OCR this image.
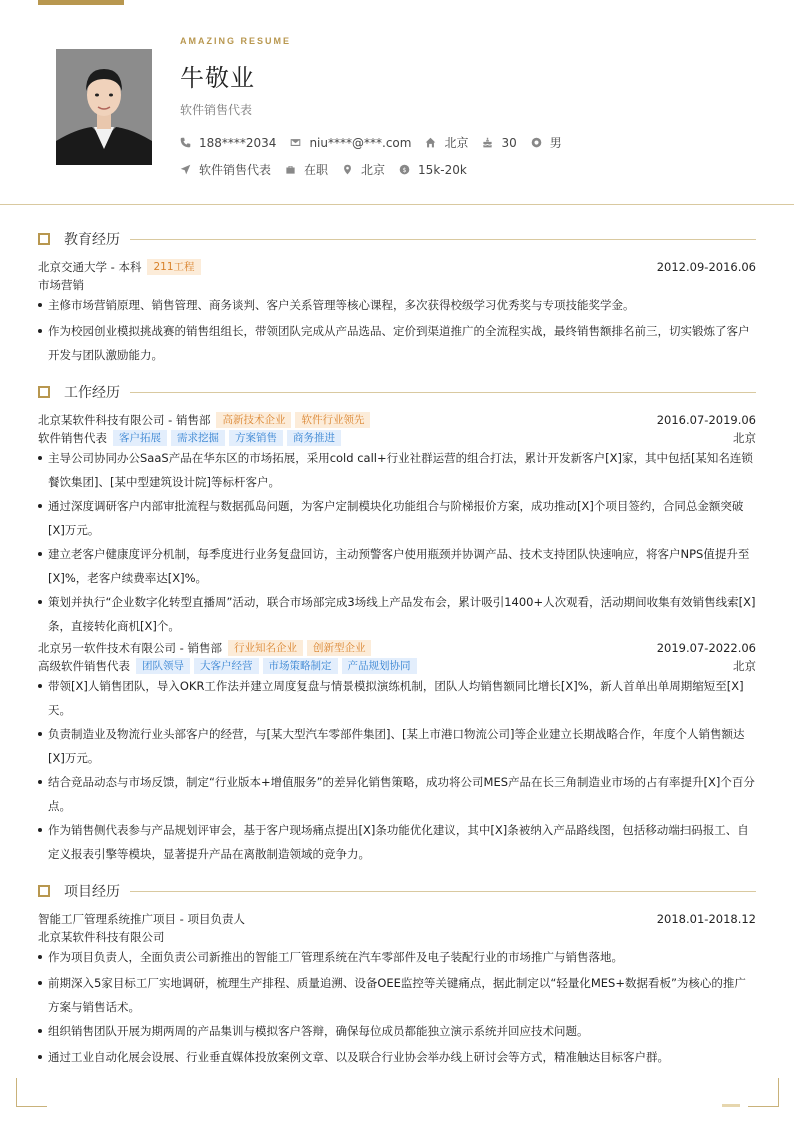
AMAZING RESUME
牛敬业
软件销售代表
188****2034	niu****@***.com	北京	30	男
软件销售代表	在职	北京 $ 15k-20k
教育经历
北京交通大学 - 本科	211工程	2012.09-2016.06
市场营销
主修市场营销原理、销售管理、商务谈判、客户关系管理等核心课程，多次获得校级学习优秀奖与专项技能奖学金。
作为校园创业模拟挑战赛的销售组组长，带领团队完成从产品选品、定价到渠道推广的全流程实战，最终销售额排名前三，切实锻炼了客户开发与团队激励能力。
工作经历
北京某软件科技有限公司 - 销售部	高新技术企业	软件行业领先	2016.07-2019.06
软件销售代表	客户拓展	需求挖掘	方案销售	商务推进	北京
主导公司协同办公SaaS产品在华东区的市场拓展，采用cold call+行业社群运营的组合打法，累计开发新客户[X]家，其中包括[某知名连锁餐饮集团]、[某中型建筑设计院]等标杆客户。
通过深度调研客户内部审批流程与数据孤岛问题，为客户定制模块化功能组合与阶梯报价方案，成功推动[X]个项目签约，合同总金额突破[X]万元。
建立老客户健康度评分机制，每季度进行业务复盘回访，主动预警客户使用瓶颈并协调产品、技术支持团队快速响应，将客户NPS值提升至[X]%，老客户续费率达[X]%。
策划并执行“企业数字化转型直播周”活动，联合市场部完成3场线上产品发布会，累计吸引1400+人次观看，活动期间收集有效销售线索[X]条，直接转化商机[X]个。
北京另一软件技术有限公司 - 销售部	行业知名企业	创新型企业	2019.07-2022.06
高级软件销售代表	团队领导	大客户经营	市场策略制定	产品规划协同	北京
带领[X]人销售团队，导入OKR工作法并建立周度复盘与情景模拟演练机制，团队人均销售额同比增长[X]%，新人首单出单周期缩短至[X]天。
负责制造业及物流行业头部客户的经营，与[某大型汽车零部件集团]、[某上市港口物流公司]等企业建立长期战略合作，年度个人销售额达[X]万元。
结合竞品动态与市场反馈，制定“行业版本+增值服务”的差异化销售策略，成功将公司MES产品在长三角制造业市场的占有率提升[X]个百分点。
作为销售侧代表参与产品规划评审会，基于客户现场痛点提出[X]条功能优化建议，其中[X]条被纳入产品路线图，包括移动端扫码报工、自定义报表引擎等模块，显著提升产品在离散制造领域的竞争力。
项目经历
智能工厂管理系统推广项目 - 项目负责人	2018.01-2018.12
北京某软件科技有限公司
作为项目负责人，全面负责公司新推出的智能工厂管理系统在汽车零部件及电子装配行业的市场推广与销售落地。
前期深入5家目标工厂实地调研，梳理生产排程、质量追溯、设备OEE监控等关键痛点，据此制定以“轻量化MES+数据看板”为核心的推广方案与销售话术。
组织销售团队开展为期两周的产品集训与模拟客户答辩，确保每位成员都能独立演示系统并回应技术问题。
通过工业自动化展会设展、行业垂直媒体投放案例文章、以及联合行业协会举办线上研讨会等方式，精准触达目标客户群。
